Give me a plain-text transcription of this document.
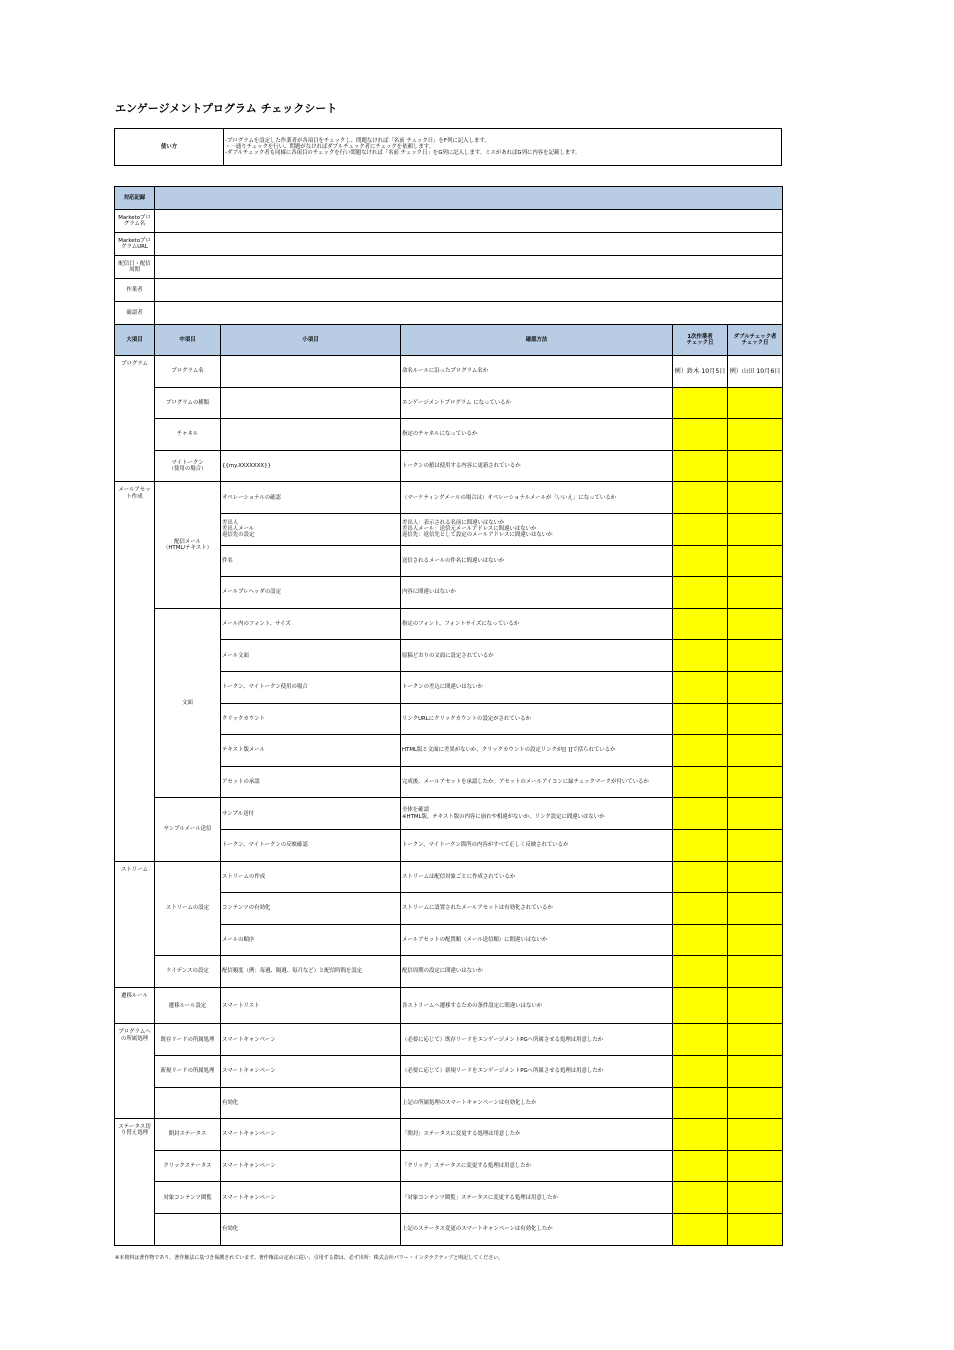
エンゲージメントプログラム チェックシート
使い方	
-プログラムを設定した作業者が各項目をチェックし、問題なければ「名前 チェック日」をF列に記入します。
・一通りチェックを行い、問題がなければダブルチェック者にチェックを依頼します。
-ダブルチェック者も同様に各項目のチェックを行い問題なければ「名前 チェック日」をG列に記入します。ミスがあればG列に内容を記載します。
対応記録					
Marketoプログラム名					
MarketoプログラムURL					
配信日・配信周期					
作業者					
確認者					
大項目	中項目	小項目	確認方法	1次作業者
チェック日	ダブルチェック者
チェック日
プログラム	プログラム名		命名ルールに沿ったプログラム名か	例）鈴木 10月5日	例）山田 10月6日
	プログラムの種類		エンゲージメントプログラム になっているか		
	チャネル		指定のチャネルになっているか		
	マイトークン
（使用の場合）	{{my.XXXXXXX}}	トークンの値は使用する内容に更新されているか		
メールアセット作成	配信メール
（HTML/テキスト）	オペレーショナルの確認	（マーケティングメールの場合は）オペレーショナルメールが「いいえ」になっているか		
		差出人
差出人メール
返信先の設定	差出人：表示される名前に間違いはないか
差出人メール：送信元メールアドレスに間違いはないか
返信先：返信先として設定のメールアドレスに間違いはないか		
		件名	送信されるメールの件名に間違いはないか		
		メールプレヘッダの設定	内容に間違いはないか		
	文面	メール内のフォント、サイズ	指定のフォント、フォントサイズになっているか		
		メール文面	原稿どおりの文面に設定されているか		
		トークン、マイトークン使用の場合	トークンの差込に間違いはないか		
		クリックカウント	リンクURLにクリックカウントの設定がされているか		
		テキスト版メール	HTML版と文面に差異がないか、クリックカウントの設定リンクが[[ ]]で括られているか		
		アセットの承認	完成後、メールアセットを承認したか。アセットのメールアイコンに緑チェックマークが付いているか		
	サンプルメール送信	サンプル送付	全体を確認
※HTML版、テキスト版の内容に崩れや相違がないか、リンク設定に間違いはないか		
		トークン、マイトークンの反映確認	トークン、マイトークン箇所の内容がすべて正しく反映されているか		
ストリーム	ストリームの設定	ストリームの作成	ストリームは配信対象ごとに作成されているか		
		コンテンツの有効化	ストリームに設置されたメールアセットは有効化されているか		
		メールの順序	メールアセットの配置順（メール送信順）に間違いはないか		
	ケイデンスの設定	配信頻度（例：毎週、隔週、毎月など）と配信時間を設定	配信周期の設定に間違いはないか		
遷移ルール	遷移ルール設定	スマートリスト	各ストリームへ遷移するための条件設定に間違いはないか		
プログラムへの所属処理	既存リードの所属処理	スマートキャンペーン	（必要に応じて）既存リードをエンゲージメントPGへ所属させる処理は用意したか		
	新規リードの所属処理	スマートキャンペーン	（必要に応じて）新規リードをエンゲージメントPGへ所属させる処理は用意したか		
		有効化	上記の所属処理のスマートキャンペーンは有効化したか		
ステータス切り替え処理	開封ステータス	スマートキャンペーン	「開封」ステータスに変更する処理は用意したか		
	クリックステータス	スマートキャンペーン	「クリック」ステータスに変更する処理は用意したか		
	対象コンテンツ閲覧	スマートキャンペーン	「対象コンテンツ閲覧」ステータスに変更する処理は用意したか		
		有効化	上記のステータス変更のスマートキャンペーンは有効化したか		
※本資料は著作物であり、著作権法に基づき保護されています。著作権法の定めに従い、引用する際は、必ず出所：株式会社パワー・インタラクティブと明記してください。
